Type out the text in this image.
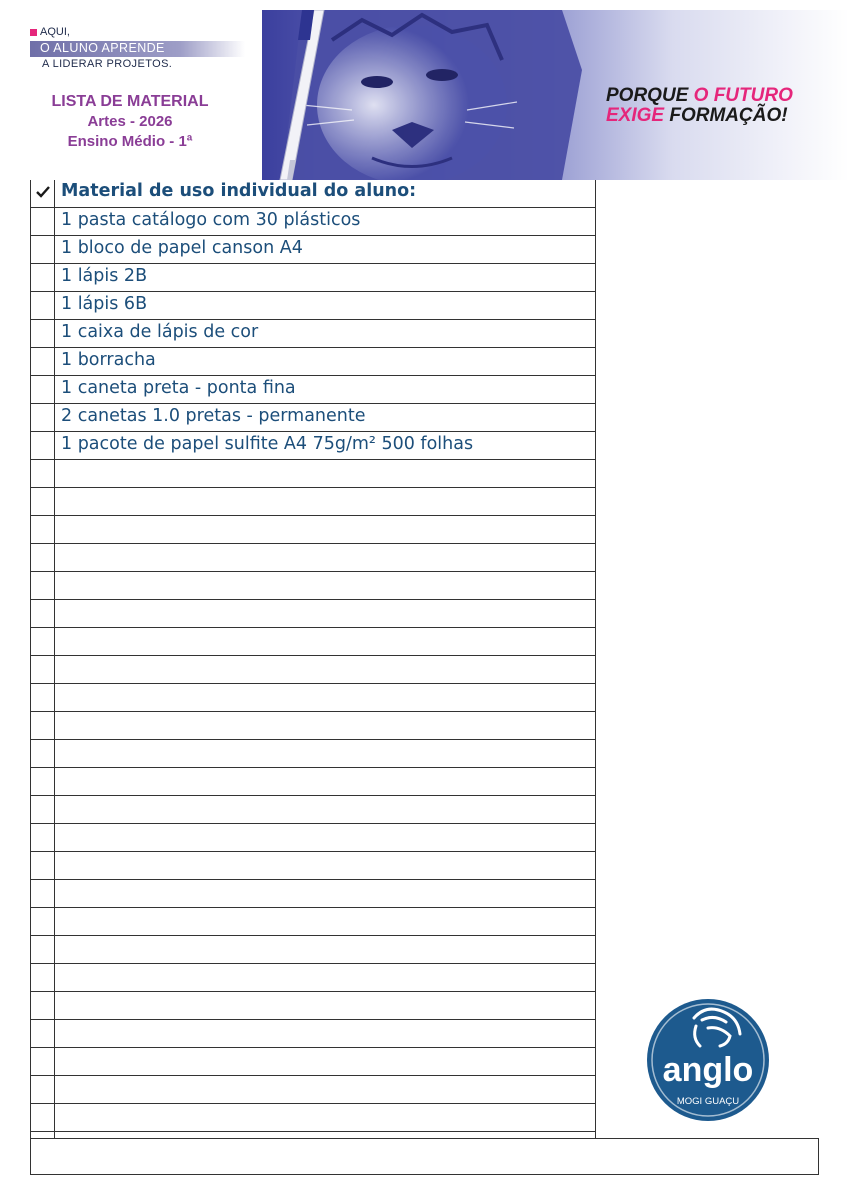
AQUI,
O ALUNO APRENDE
A LIDERAR PROJETOS.
LISTA DE MATERIAL
Artes - 2026
Ensino Médio - 1ª
PORQUE O FUTURO
EXIGE FORMAÇÃO!
Material de uso individual do aluno:
1 pasta catálogo com 30 plásticos
1 bloco de papel canson A4
1 lápis 2B
1 lápis 6B
1 caixa de lápis de cor
1 borracha
1 caneta preta - ponta fina
2 canetas 1.0 pretas - permanente
1 pacote de papel sulfite A4 75g/m² 500 folhas
anglo
MOGI GUAÇU
